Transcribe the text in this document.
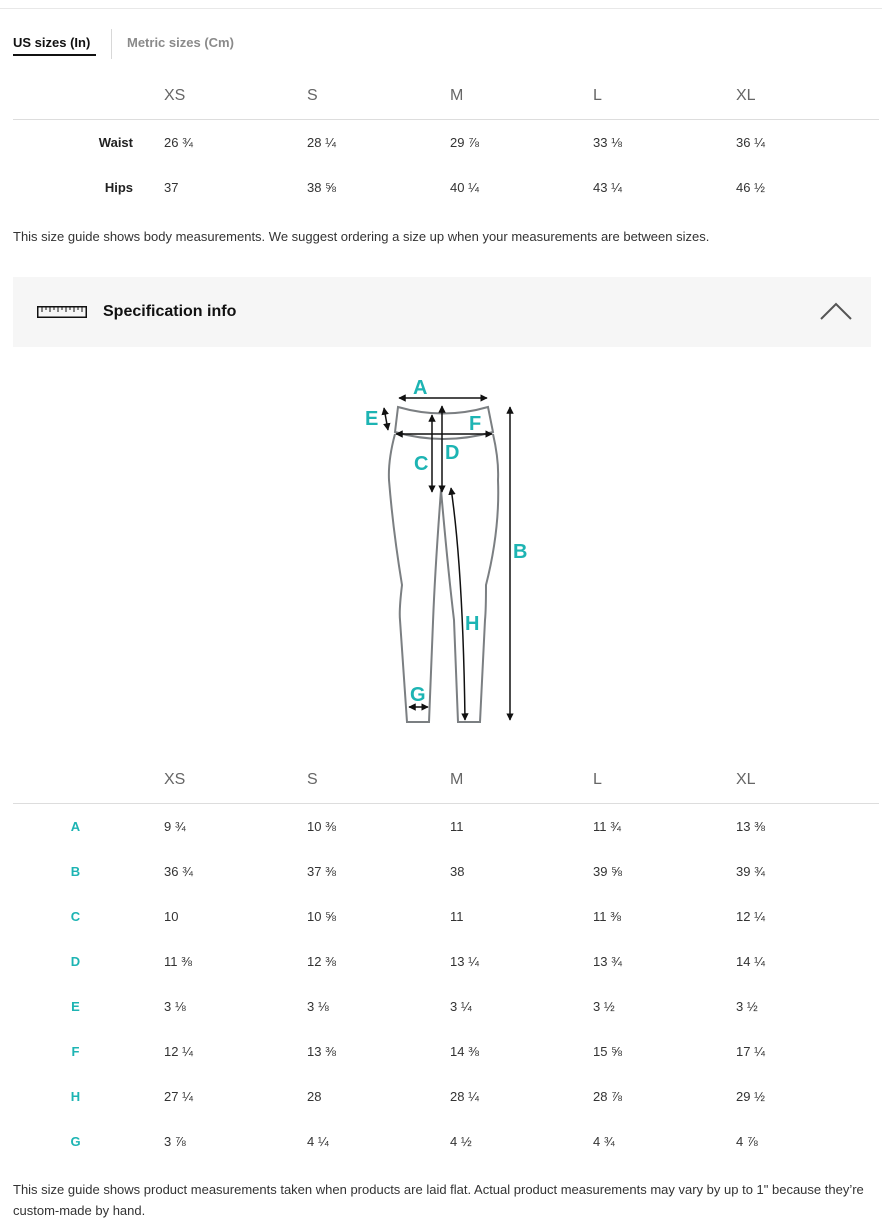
US sizes (In)	Metric sizes (Cm)
	XS	S	M	L	XL
Waist	26 ¾	28 ¼	29 ⅞	33 ⅛	36 ¼
Hips	37	38 ⅝	40 ¼	43 ¼	46 ½
This size guide shows body measurements. We suggest ordering a size up when your measurements are between sizes.
Specification info
A
E	F
C D
B
H
G
	XS	S	M	L	XL
A	9 ¾	10 ⅜	11	11 ¾	13 ⅜
B	36 ¾	37 ⅜	38	39 ⅝	39 ¾
C	10	10 ⅝	11	11 ⅜	12 ¼
D	11 ⅜	12 ⅜	13 ¼	13 ¾	14 ¼
E	3 ⅛	3 ⅛	3 ¼	3 ½	3 ½
F	12 ¼	13 ⅜	14 ⅜	15 ⅝	17 ¼
H	27 ¼	28	28 ¼	28 ⅞	29 ½
G	3 ⅞	4 ¼	4 ½	4 ¾	4 ⅞
This size guide shows product measurements taken when products are laid flat. Actual product measurements may vary by up to 1" because they’re custom-made by hand.
